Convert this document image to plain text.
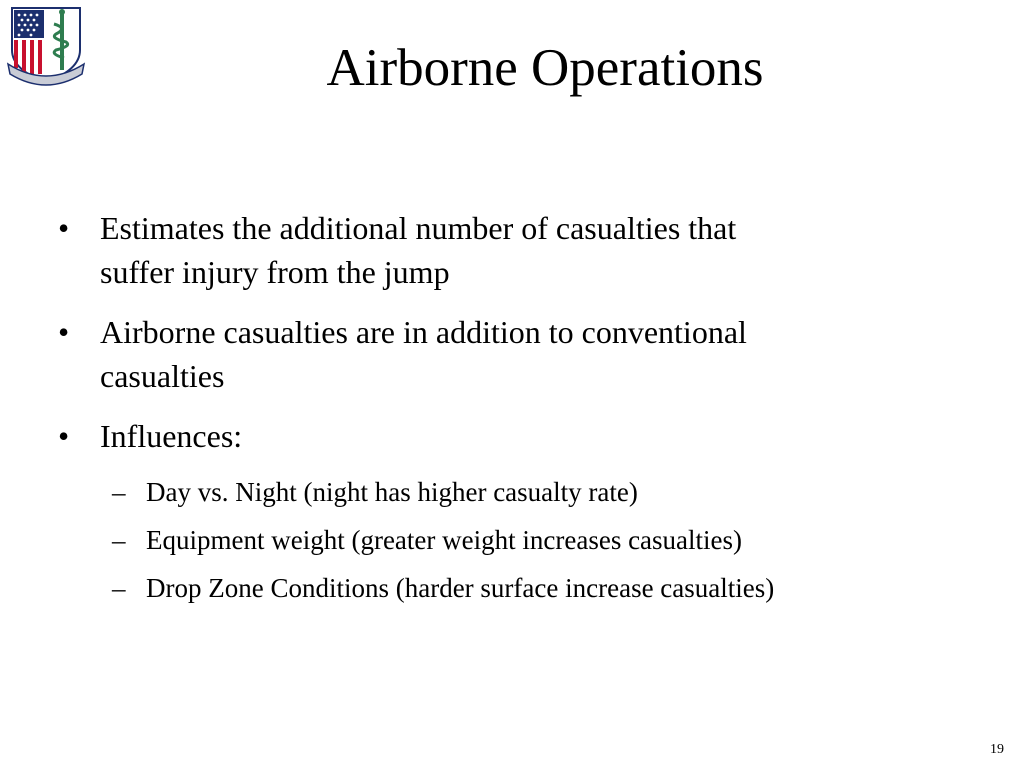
Airborne Operations
• Estimates the additional number of casualties that
suffer injury from the jump
• Airborne casualties are in addition to conventional
casualties
• Influences:
– Day vs. Night (night has higher casualty rate)
– Equipment weight (greater weight increases casualties)
– Drop Zone Conditions (harder surface increase casualties)
19
